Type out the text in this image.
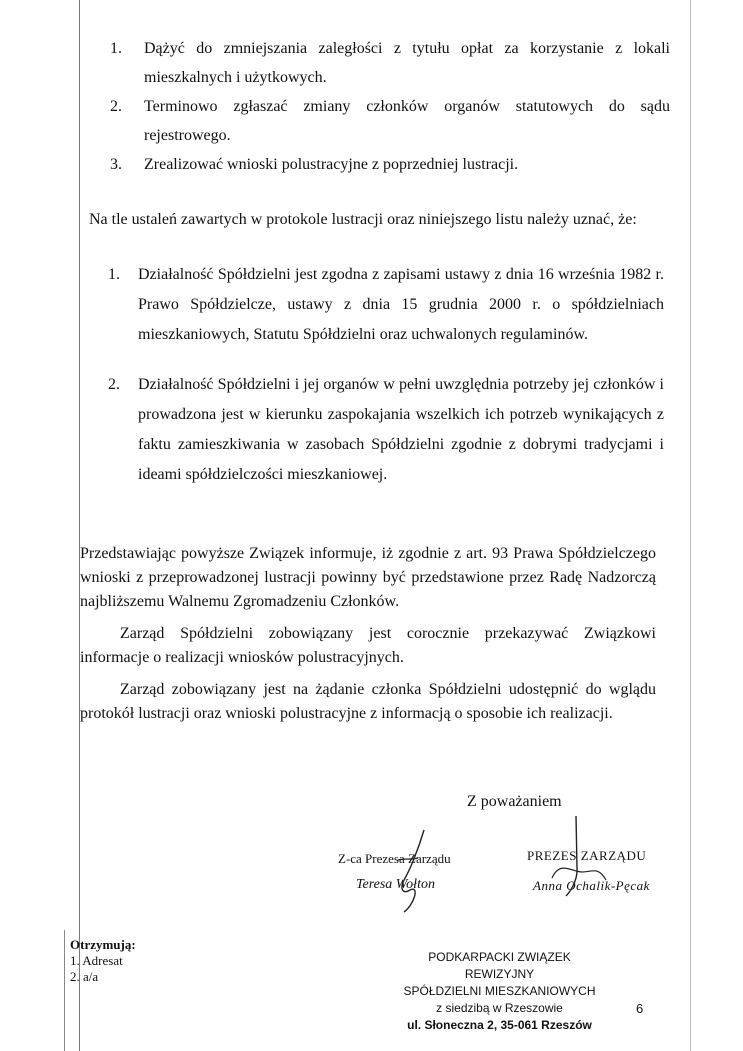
1.	Dążyć do zmniejszania zaległości z tytułu opłat za korzystanie z lokali mieszkalnych i użytkowych.
2.	Terminowo zgłaszać zmiany członków organów statutowych do sądu rejestrowego.
3.	Zrealizować wnioski polustracyjne z poprzedniej lustracji.
Na tle ustaleń zawartych w protokole lustracji oraz niniejszego listu należy uznać, że:
1.	Działalność Spółdzielni jest zgodna z zapisami ustawy z dnia 16 września 1982 r. Prawo Spółdzielcze, ustawy z dnia 15 grudnia 2000 r. o spółdzielniach mieszkaniowych, Statutu Spółdzielni oraz uchwalonych regulaminów.
2.	Działalność Spółdzielni i jej organów w pełni uwzględnia potrzeby jej członków i prowadzona jest w kierunku zaspokajania wszelkich ich potrzeb wynikających z faktu zamieszkiwania w zasobach Spółdzielni zgodnie z dobrymi tradycjami i ideami spółdzielczości mieszkaniowej.

Przedstawiając powyższe Związek informuje, iż zgodnie z art. 93 Prawa Spółdzielczego wnioski z przeprowadzonej lustracji powinny być przedstawione przez Radę Nadzorczą najbliższemu Walnemu Zgromadzeniu Członków.

Zarząd Spółdzielni zobowiązany jest corocznie przekazywać Związkowi informacje o realizacji wniosków polustracyjnych.

Zarząd zobowiązany jest na żądanie członka Spółdzielni udostępnić do wglądu protokół lustracji oraz wnioski polustracyjne z informacją o sposobie ich realizacji.

Z poważaniem
Z-ca Prezesa Zarządu
Teresa Wołton
PREZES ZARZĄDU
Anna Ochalik-Pęcak
Otrzymują:
1. Adresat
2. a/a
PODKARPACKI ZWIĄZEK REWIZYJNY
SPÓŁDZIELNI MIESZKANIOWYCH
z siedzibą w Rzeszowie
ul. Słoneczna 2, 35-061 Rzeszów
6
